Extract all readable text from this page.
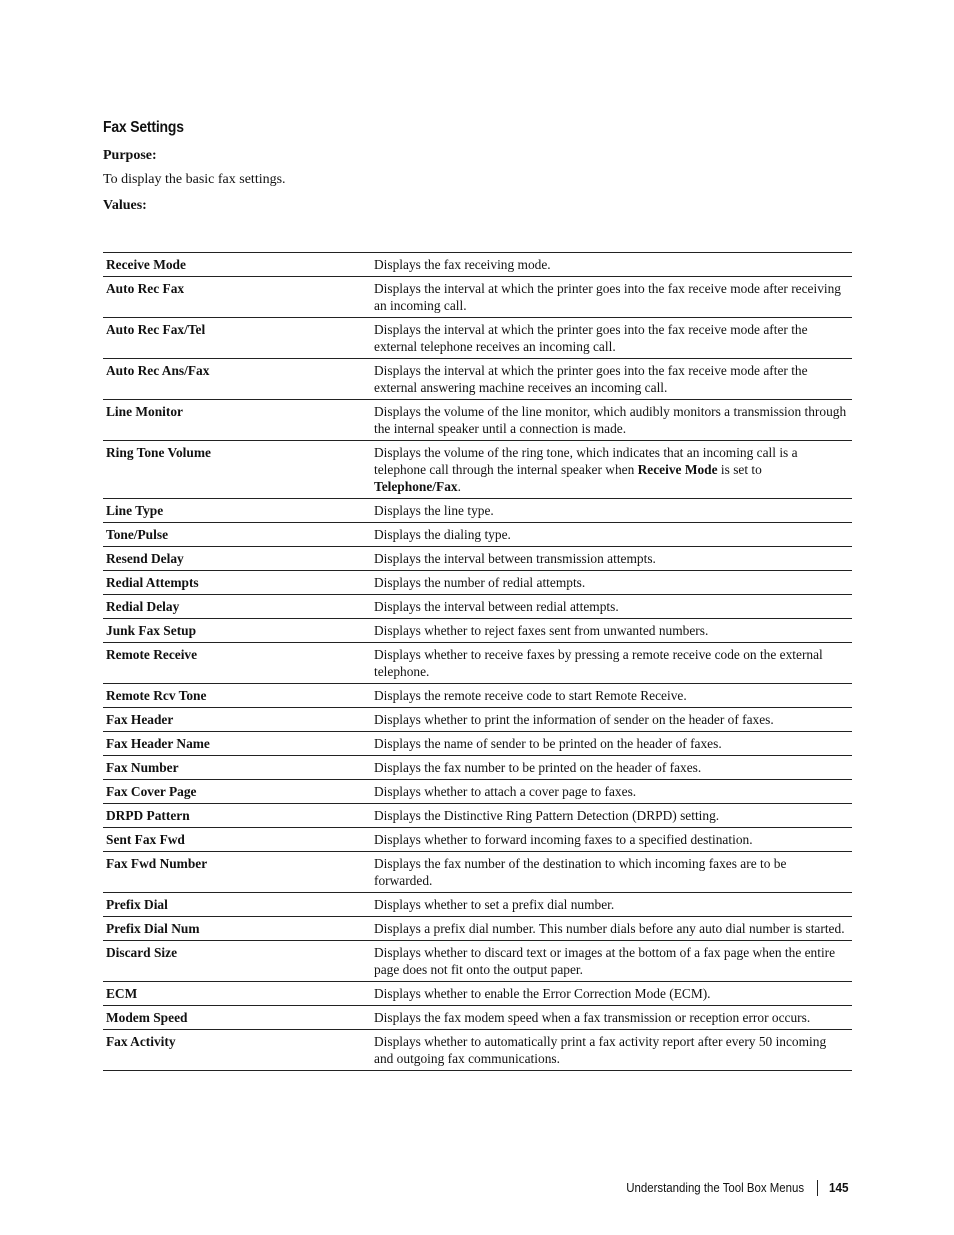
Fax Settings
Purpose:
To display the basic fax settings.
Values:
Receive Mode	Displays the fax receiving mode.
Auto Rec Fax	Displays the interval at which the printer goes into the fax receive mode after receiving an incoming call.
Auto Rec Fax/Tel	Displays the interval at which the printer goes into the fax receive mode after the external telephone receives an incoming call.
Auto Rec Ans/Fax	Displays the interval at which the printer goes into the fax receive mode after the external answering machine receives an incoming call.
Line Monitor	Displays the volume of the line monitor, which audibly monitors a transmission through the internal speaker until a connection is made.
Ring Tone Volume	Displays the volume of the ring tone, which indicates that an incoming call is a telephone call through the internal speaker when Receive Mode is set to Telephone/Fax.
Line Type	Displays the line type.
Tone/Pulse	Displays the dialing type.
Resend Delay	Displays the interval between transmission attempts.
Redial Attempts	Displays the number of redial attempts.
Redial Delay	Displays the interval between redial attempts.
Junk Fax Setup	Displays whether to reject faxes sent from unwanted numbers.
Remote Receive	Displays whether to receive faxes by pressing a remote receive code on the external telephone.
Remote Rcv Tone	Displays the remote receive code to start Remote Receive.
Fax Header	Displays whether to print the information of sender on the header of faxes.
Fax Header Name	Displays the name of sender to be printed on the header of faxes.
Fax Number	Displays the fax number to be printed on the header of faxes.
Fax Cover Page	Displays whether to attach a cover page to faxes.
DRPD Pattern	Displays the Distinctive Ring Pattern Detection (DRPD) setting.
Sent Fax Fwd	Displays whether to forward incoming faxes to a specified destination.
Fax Fwd Number	Displays the fax number of the destination to which incoming faxes are to be forwarded.
Prefix Dial	Displays whether to set a prefix dial number.
Prefix Dial Num	Displays a prefix dial number. This number dials before any auto dial number is started.
Discard Size	Displays whether to discard text or images at the bottom of a fax page when the entire page does not fit onto the output paper.
ECM	Displays whether to enable the Error Correction Mode (ECM).
Modem Speed	Displays the fax modem speed when a fax transmission or reception error occurs.
Fax Activity	Displays whether to automatically print a fax activity report after every 50 incoming and outgoing fax communications.
Understanding the Tool Box Menus 145
